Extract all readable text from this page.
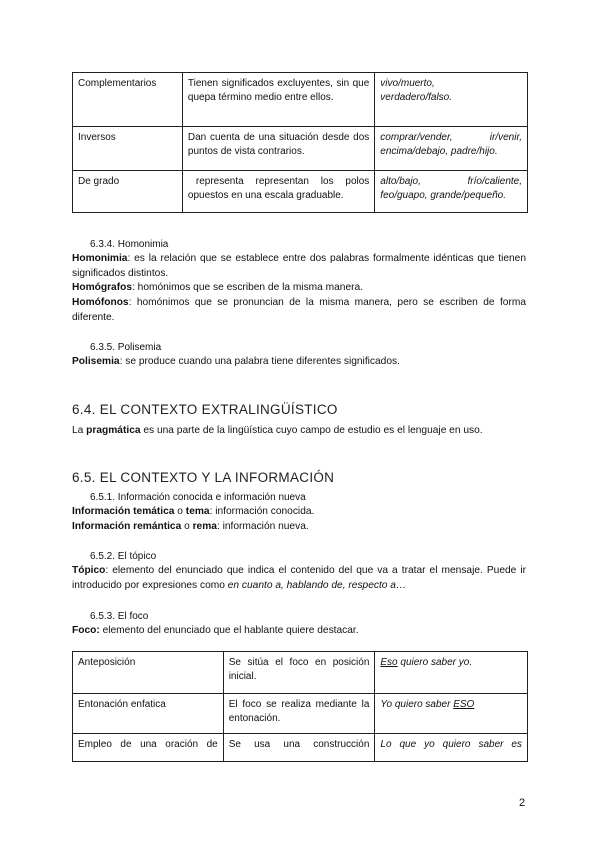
Complementarios	Tienen significados excluyentes, sin que quepa término medio entre ellos.	vivo/muerto,
verdadero/falso.
Inversos	Dan cuenta de una situación desde dos puntos de vista contrarios.	comprar/vender, ir/venir,
encima/debajo, padre/hijo.

De grado	representa representan los polos opuestos en una escala graduable.	alto/bajo, frío/caliente,
feo/guapo, grande/pequeño.
6.3.4. Homonimia
Homonimia: es la relación que se establece entre dos palabras formalmente idénticas que tienen significados distintos.
Homógrafos: homónimos que se escriben de la misma manera.
Homófonos: homónimos que se pronuncian de la misma manera, pero se escriben de forma diferente.
6.3.5. Polisemia
Polisemia: se produce cuando una palabra tiene diferentes significados.
6.4. EL CONTEXTO EXTRALINGÜÍSTICO
La pragmática es una parte de la lingüística cuyo campo de estudio es el lenguaje en uso.
6.5. EL CONTEXTO Y LA INFORMACIÓN
6.5.1. Información conocida e información nueva
Información temática o tema: información conocida.
Información remántica o rema: información nueva.
6.5.2. El tópico
Tópico: elemento del enunciado que indica el contenido del que va a tratar el mensaje. Puede ir introducido por expresiones como en cuanto a, hablando de, respecto a…
6.5.3. El foco
Foco: elemento del enunciado que el hablante quiere destacar.
Anteposición	Se sitúa el foco en posición inicial.	Eso quiero saber yo.
Entonación enfatica	El foco se realiza mediante la entonación.	Yo quiero saber ESO
Empleo de una oración de	Se usa una construcción	Lo que yo quiero saber es
2
